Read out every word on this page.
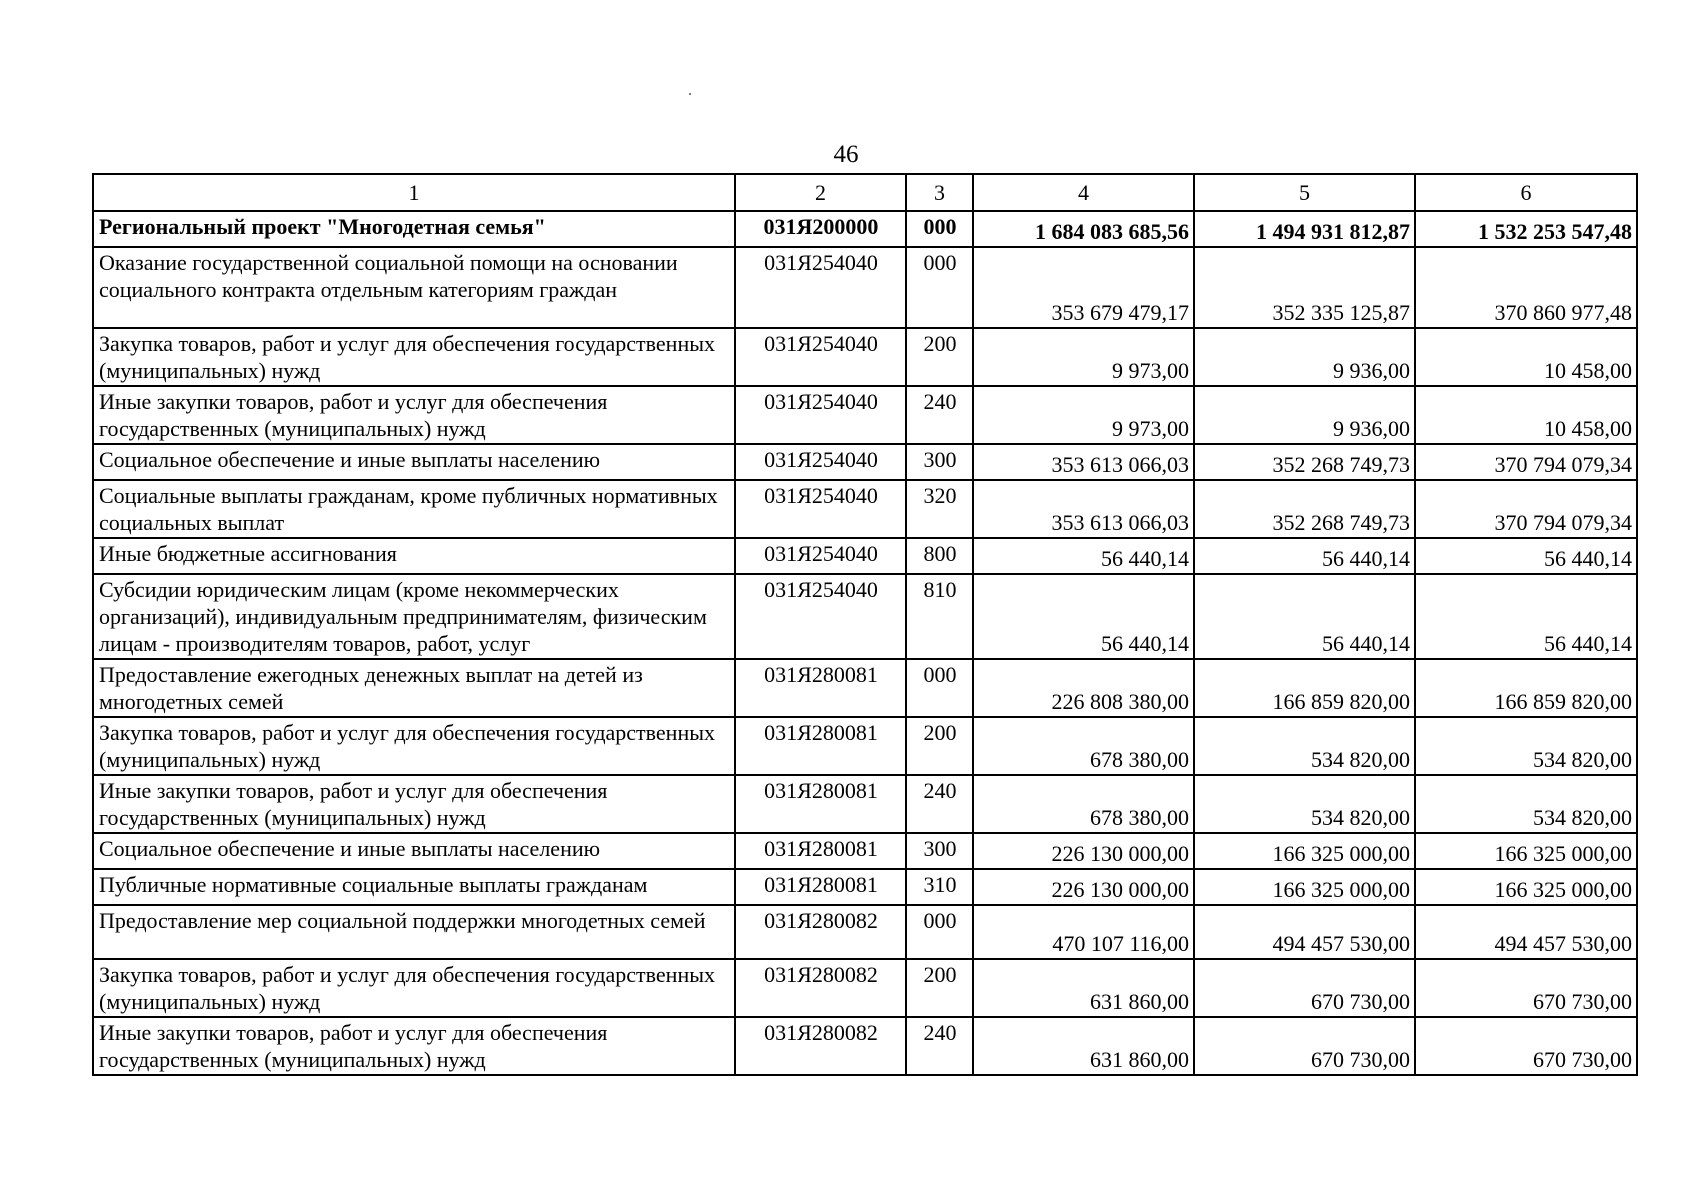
46
1	2	3	4	5	6
Региональный проект "Многодетная семья"	031Я200000	000	1 684 083 685,56	1 494 931 812,87	1 532 253 547,48
Оказание государственной социальной помощи на основании социального контракта отдельным категориям граждан	031Я254040	000	353 679 479,17	352 335 125,87	370 860 977,48
Закупка товаров, работ и услуг для обеспечения государственных (муниципальных) нужд	031Я254040	200	9 973,00	9 936,00	10 458,00
Иные закупки товаров, работ и услуг для обеспечения государственных (муниципальных) нужд	031Я254040	240	9 973,00	9 936,00	10 458,00
Социальное обеспечение и иные выплаты населению	031Я254040	300	353 613 066,03	352 268 749,73	370 794 079,34
Социальные выплаты гражданам, кроме публичных нормативных социальных выплат	031Я254040	320	353 613 066,03	352 268 749,73	370 794 079,34
Иные бюджетные ассигнования	031Я254040	800	56 440,14	56 440,14	56 440,14
Субсидии юридическим лицам (кроме некоммерческих организаций), индивидуальным предпринимателям, физическим лицам - производителям товаров, работ, услуг	031Я254040	810	56 440,14	56 440,14	56 440,14
Предоставление ежегодных денежных выплат на детей из многодетных семей	031Я280081	000	226 808 380,00	166 859 820,00	166 859 820,00
Закупка товаров, работ и услуг для обеспечения государственных (муниципальных) нужд	031Я280081	200	678 380,00	534 820,00	534 820,00
Иные закупки товаров, работ и услуг для обеспечения государственных (муниципальных) нужд	031Я280081	240	678 380,00	534 820,00	534 820,00
Социальное обеспечение и иные выплаты населению	031Я280081	300	226 130 000,00	166 325 000,00	166 325 000,00
Публичные нормативные социальные выплаты гражданам	031Я280081	310	226 130 000,00	166 325 000,00	166 325 000,00
Предоставление мер социальной поддержки многодетных семей	031Я280082	000	470 107 116,00	494 457 530,00	494 457 530,00
Закупка товаров, работ и услуг для обеспечения государственных (муниципальных) нужд	031Я280082	200	631 860,00	670 730,00	670 730,00
Иные закупки товаров, работ и услуг для обеспечения государственных (муниципальных) нужд	031Я280082	240	631 860,00	670 730,00	670 730,00
